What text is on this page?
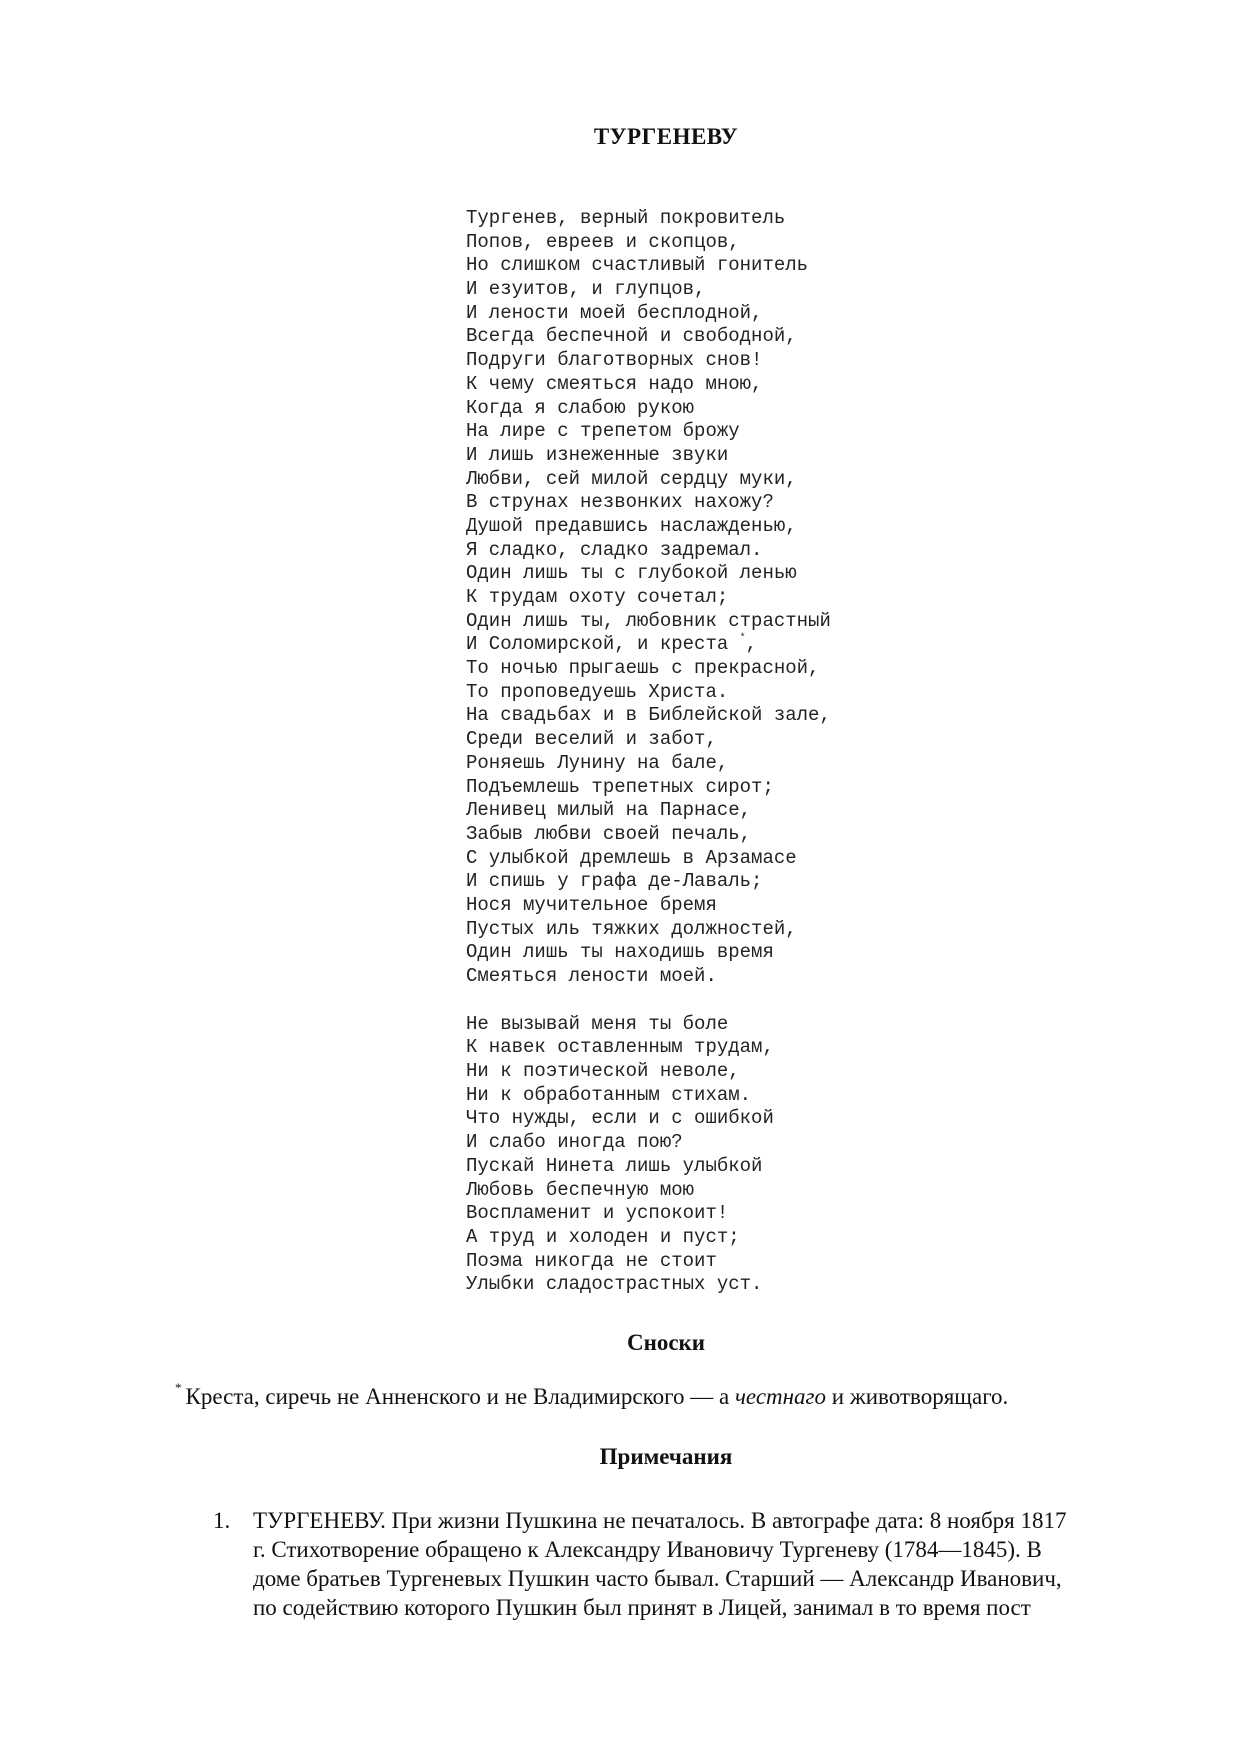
ТУРГЕНЕВУ
Тургенев, верный покровитель
Попов, евреев и скопцов,
Но слишком счастливый гонитель
И езуитов, и глупцов,
И лености моей бесплодной,
Всегда беспечной и свободной,
Подруги благотворных снов!
К чему смеяться надо мною,
Когда я слабою рукою
На лире с трепетом брожу
И лишь изнеженные звуки
Любви, сей милой сердцу муки,
В струнах незвонких нахожу?
Душой предавшись наслажденью,
Я сладко, сладко задремал.
Один лишь ты с глубокой ленью
К трудам охоту сочетал;
Один лишь ты, любовник страстный
И Соломирской, и креста *,
То ночью прыгаешь с прекрасной,
То проповедуешь Христа.
На свадьбах и в Библейской зале,
Среди веселий и забот,
Роняешь Лунину на бале,
Подъемлешь трепетных сирот;
Ленивец милый на Парнасе,
Забыв любви своей печаль,
С улыбкой дремлешь в Арзамасе
И спишь у графа де-Лаваль;
Нося мучительное бремя
Пустых иль тяжких должностей,
Один лишь ты находишь время
Смеяться лености моей.
Не вызывай меня ты боле
К навек оставленным трудам,
Ни к поэтической неволе,
Ни к обработанным стихам.
Что нужды, если и с ошибкой
И слабо иногда пою?
Пускай Нинета лишь улыбкой
Любовь беспечную мою
Воспламенит и успокоит!
А труд и холоден и пуст;
Поэма никогда не стоит
Улыбки сладострастных уст.
Сноски
* Креста, сиречь не Анненского и не Владимирского — а честнаго и животворящаго.
Примечания
1. ТУРГЕНЕВУ. При жизни Пушкина не печаталось. В автографе дата: 8 ноября 1817
г. Стихотворение обращено к Александру Ивановичу Тургеневу (1784—1845). В
доме братьев Тургеневых Пушкин часто бывал. Старший — Александр Иванович,
по содействию которого Пушкин был принят в Лицей, занимал в то время пост
